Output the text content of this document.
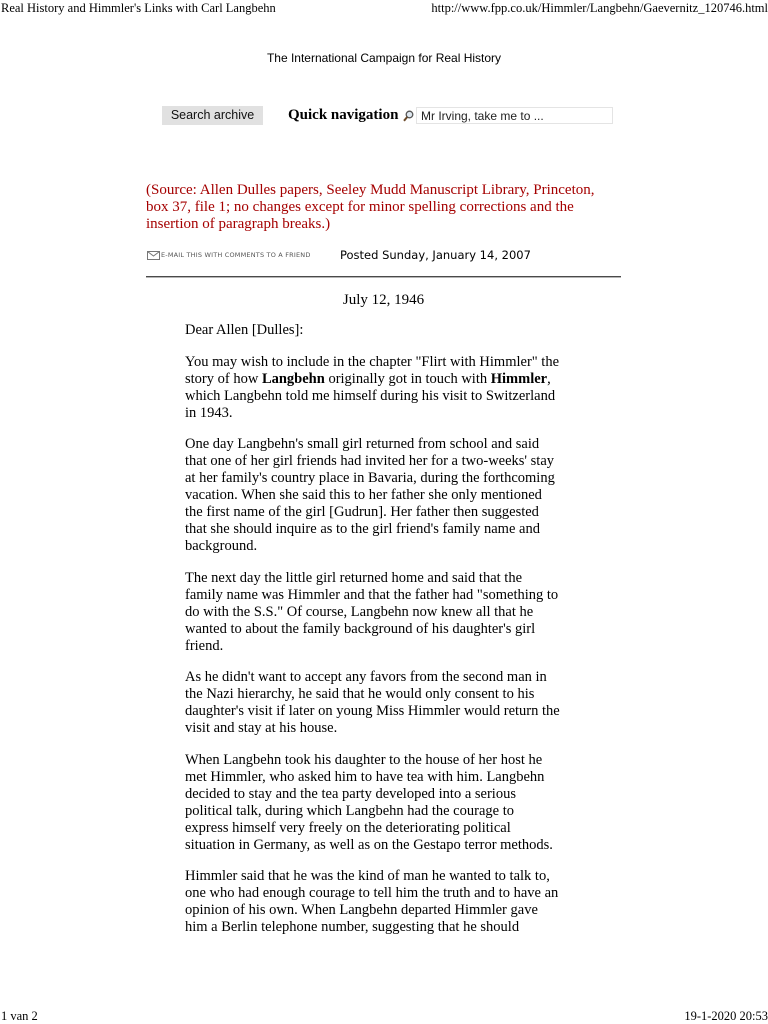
Real History and Himmler's Links with Carl Langbehn	http://www.fpp.co.uk/Himmler/Langbehn/Gaevernitz_120746.html
The International Campaign for Real History
Search archive	Quick navigation
Mr Irving, take me to ...
(Source: Allen Dulles papers, Seeley Mudd Manuscript Library, Princeton,
box 37, file 1; no changes except for minor spelling corrections and the
insertion of paragraph breaks.)
E-MAIL THIS WITH COMMENTS TO A FRIEND	Posted Sunday, January 14, 2007
July 12, 1946
Dear Allen [Dulles]:
You may wish to include in the chapter "Flirt with Himmler" the
story of how Langbehn originally got in touch with Himmler,
which Langbehn told me himself during his visit to Switzerland
in 1943.
One day Langbehn's small girl returned from school and said
that one of her girl friends had invited her for a two-weeks' stay
at her family's country place in Bavaria, during the forthcoming
vacation. When she said this to her father she only mentioned
the first name of the girl [Gudrun]. Her father then suggested
that she should inquire as to the girl friend's family name and
background.
The next day the little girl returned home and said that the
family name was Himmler and that the father had "something to
do with the S.S." Of course, Langbehn now knew all that he
wanted to about the family background of his daughter's girl
friend.
As he didn't want to accept any favors from the second man in
the Nazi hierarchy, he said that he would only consent to his
daughter's visit if later on young Miss Himmler would return the
visit and stay at his house.
When Langbehn took his daughter to the house of her host he
met Himmler, who asked him to have tea with him. Langbehn
decided to stay and the tea party developed into a serious
political talk, during which Langbehn had the courage to
express himself very freely on the deteriorating political
situation in Germany, as well as on the Gestapo terror methods.
Himmler said that he was the kind of man he wanted to talk to,
one who had enough courage to tell him the truth and to have an
opinion of his own. When Langbehn departed Himmler gave
him a Berlin telephone number, suggesting that he should
1 van 2	19-1-2020 20:53
